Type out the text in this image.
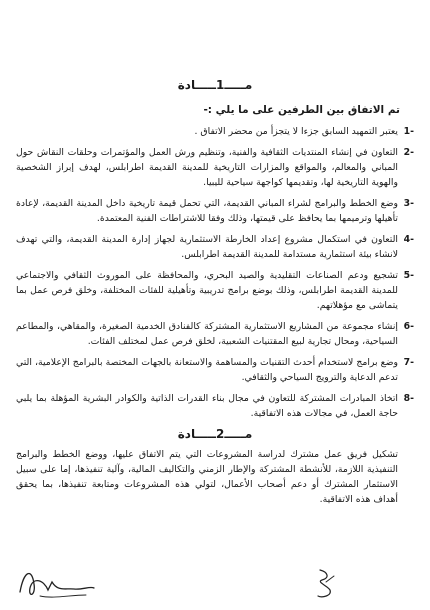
مـــــ1ـــــادة
تم الاتفاق بين الطرفين على ما يلي :-
-1
يعتبر التمهيد السابق جزءا لا يتجزأ من محضر الاتفاق .
-2
التعاون في إنشاء المنتديات الثقافية والفنية، وتنظيم ورش العمل والمؤتمرات وحلقات النقاش حول المباني والمعالم، والمواقع والمزارات التاريخية للمدينة القديمة اطرابلس، لهدف إبراز الشخصية والهوية التاريخية لها، وتقديمها كواجهة سياحية لليبيا.
-3
وضع الخطط والبرامج لشراء المباني القديمة، التي تحمل قيمة تاريخية داخل المدينة القديمة، لإعادة تأهيلها وترميمها بما يحافظ على قيمتها، وذلك وفقا للاشتراطات الفنية المعتمدة.
-4
التعاون في استكمال مشروع إعداد الخارطة الاستثمارية لجهاز إدارة المدينة القديمة، والتي تهدف لانشاء بيئة استثمارية مستدامة للمدينة القديمة اطرابلس.
-5
تشجيع ودعم الصناعات التقليدية والصيد البحري، والمحافظة على الموروث الثقافي والاجتماعي للمدينة القديمة اطرابلس، وذلك بوضع برامج تدريبية وتأهيلية للفئات المختلفة، وخلق فرص عمل بما يتماشى مع مؤهلاتهم.
-6
إنشاء مجموعة من المشاريع الاستثمارية المشتركة كالفنادق الخدمية الصغيرة، والمقاهي، والمطاعم السياحية، ومحال تجارية لبيع المقتنيات الشعبية، لخلق فرص عمل لمختلف الفئات.
-7
وضع برامج لاستخدام أحدث التقنيات والمساهمة والاستعانة بالجهات المختصة بالبرامج الإعلامية، التي تدعم الدعاية والترويج السياحي والثقافي.
-8
اتخاذ المبادرات المشتركة للتعاون في مجال بناء القدرات الذاتية والكوادر البشرية المؤهلة بما يلبي حاجة العمل، في مجالات هذه الاتفاقية.
مـــــ2ـــــادة

تشكيل فريق عمل مشترك لدراسة المشروعات التي يتم الاتفاق عليها، ووضع الخطط والبرامج التنفيذية اللازمة، للأنشطة المشتركة والإطار الزمني والتكاليف المالية، وآلية تنفيذها، إما على سبيل الاستثمار المشترك أو دعم أصحاب الأعمال، لتولي هذه المشروعات ومتابعة تنفيذها، بما يحقق أهداف هذه الاتفاقية.
